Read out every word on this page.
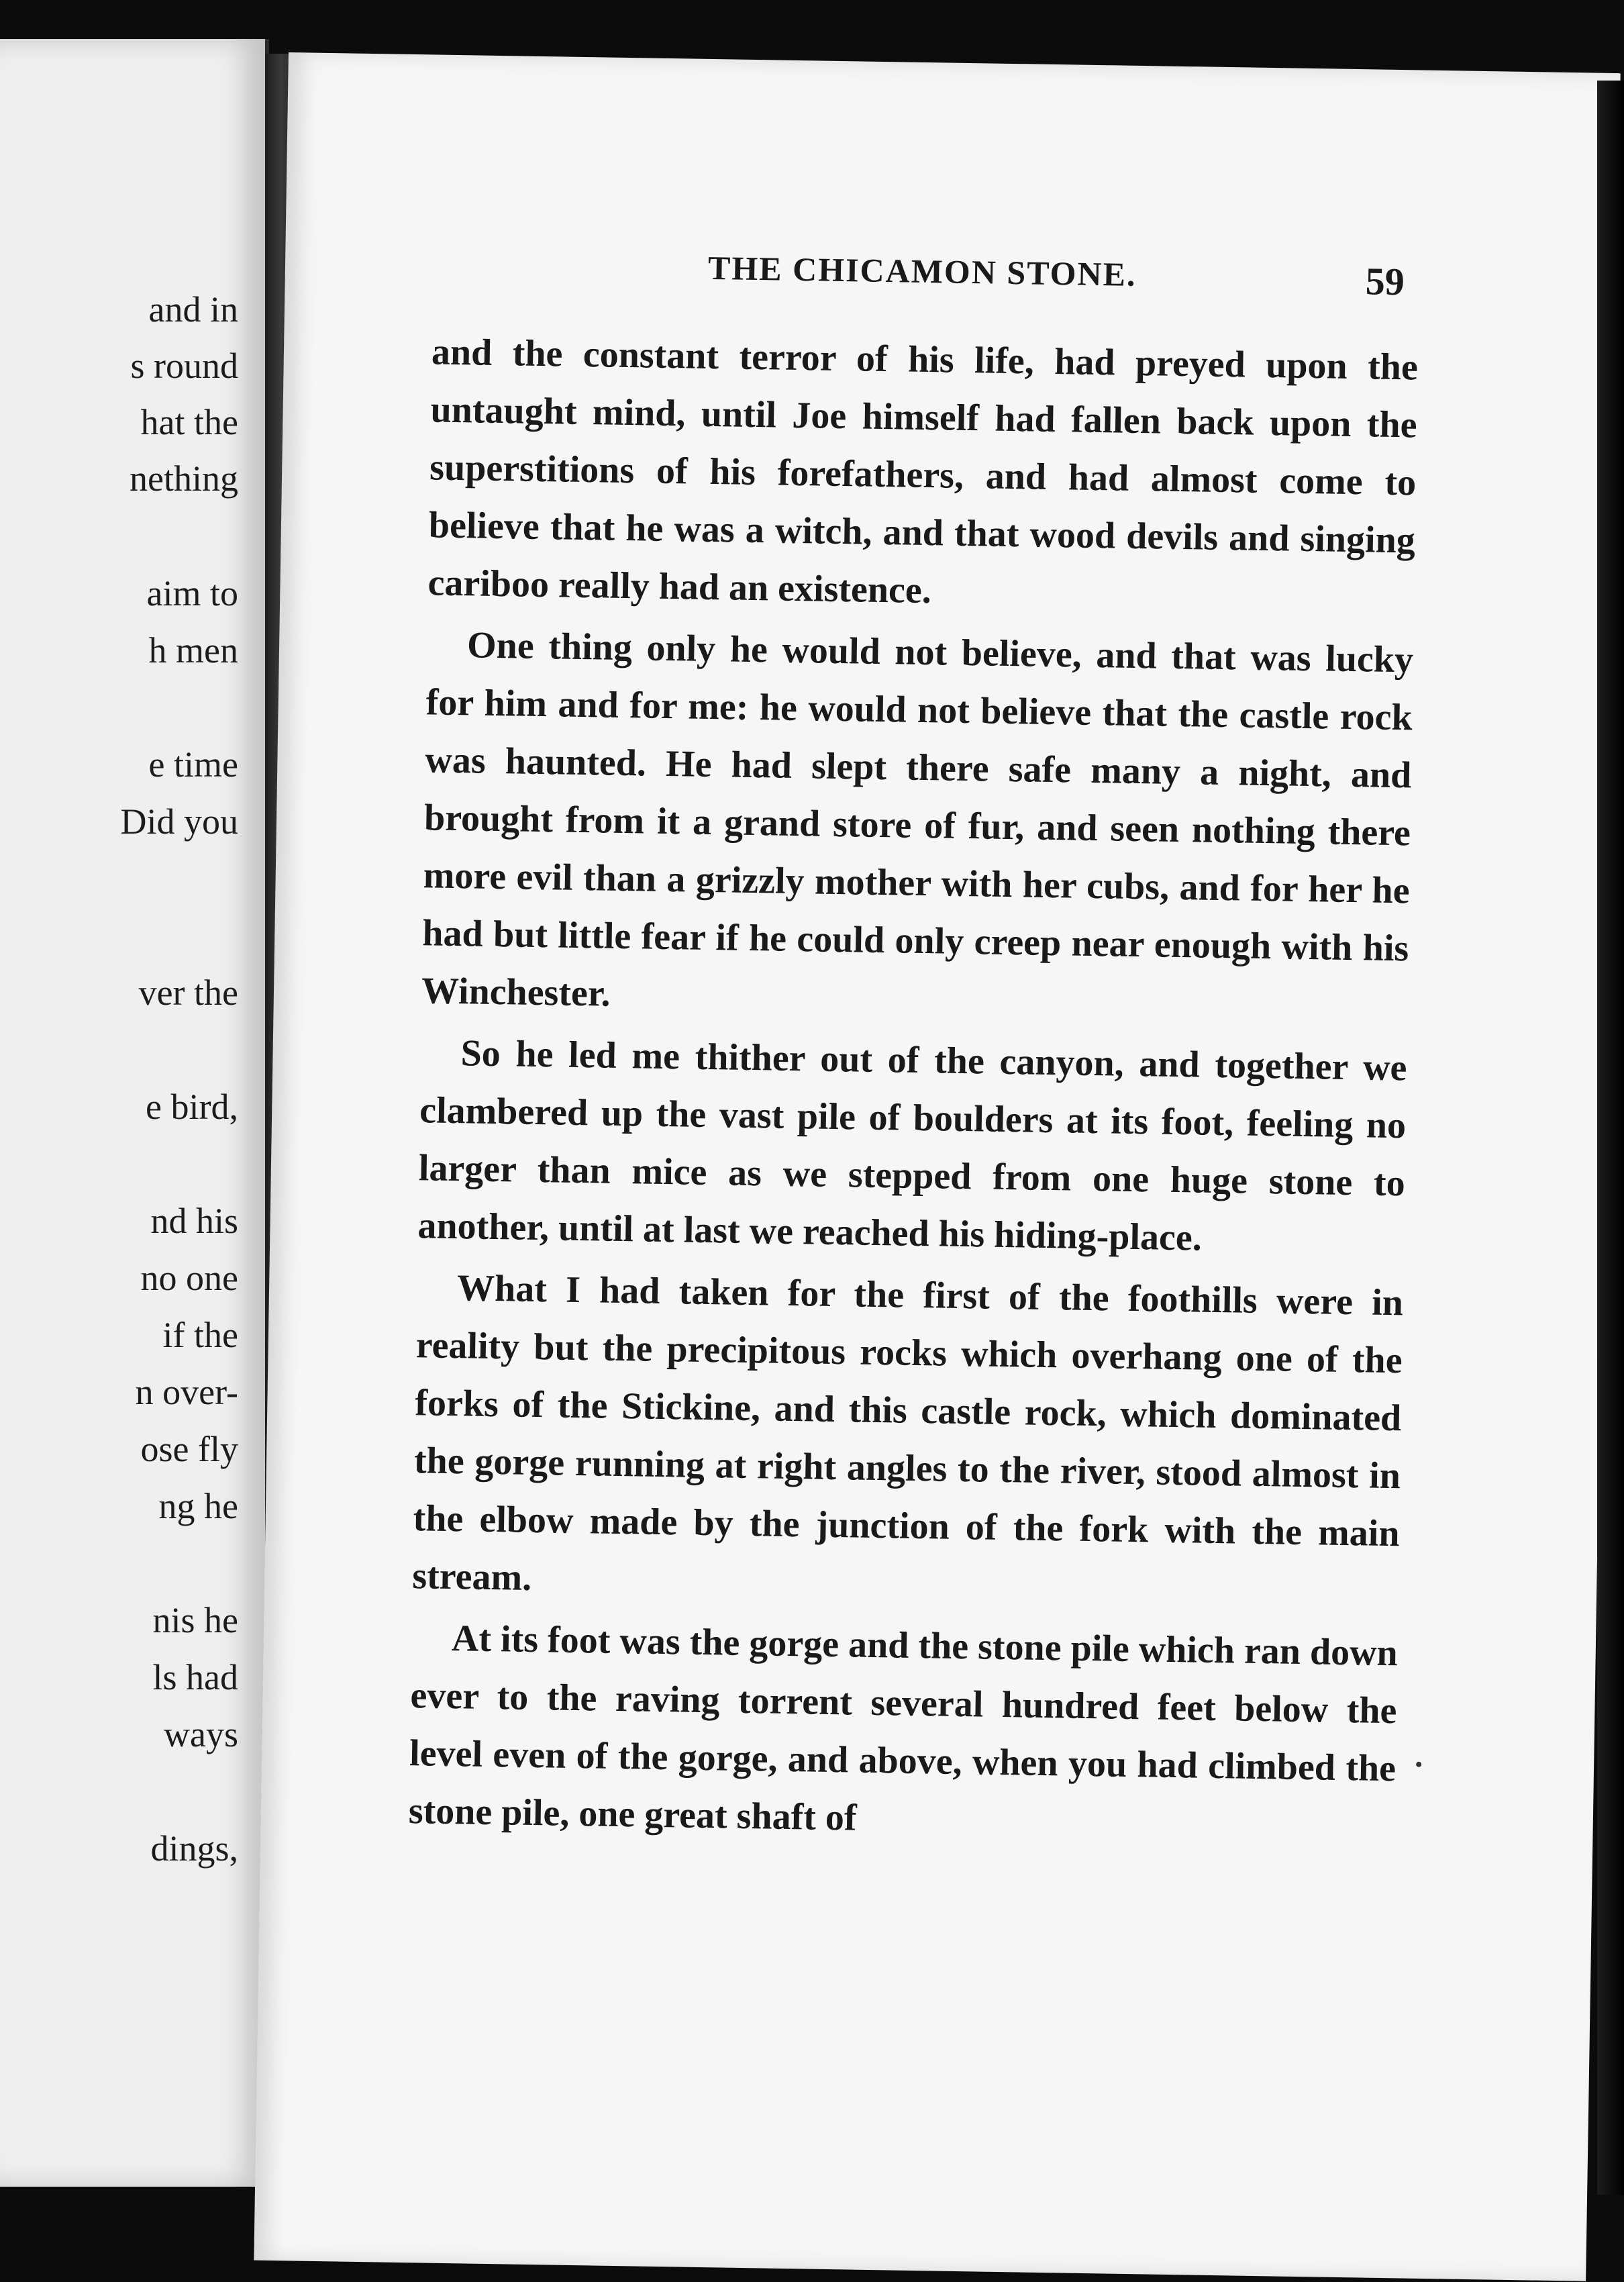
and in
s round
hat the
nething
aim to
h men
e time
Did you
ver the
e bird,
nd his
no one
if the
n over-
ose fly
ng he
nis he
ls had
ways
dings,
THE CHICAMON STONE.	59

and the constant terror of his life, had preyed upon the untaught mind, until Joe himself had fallen back upon the superstitions of his forefathers, and had almost come to believe that he was a witch, and that wood devils and singing cariboo really had an existence.

One thing only he would not believe, and that was lucky for him and for me: he would not believe that the castle rock was haunted. He had slept there safe many a night, and brought from it a grand store of fur, and seen nothing there more evil than a grizzly mother with her cubs, and for her he had but little fear if he could only creep near enough with his Winchester.

So he led me thither out of the canyon, and together we clambered up the vast pile of boulders at its foot, feeling no larger than mice as we stepped from one huge stone to another, until at last we reached his hiding-place.

What I had taken for the first of the foothills were in reality but the precipitous rocks which overhang one of the forks of the Stickine, and this castle rock, which dominated the gorge running at right angles to the river, stood almost in the elbow made by the junction of the fork with the main stream.

At its foot was the gorge and the stone pile which ran down ever to the raving torrent several hundred feet below the level even of the gorge, and above, when you had climbed the stone pile, one great shaft of
